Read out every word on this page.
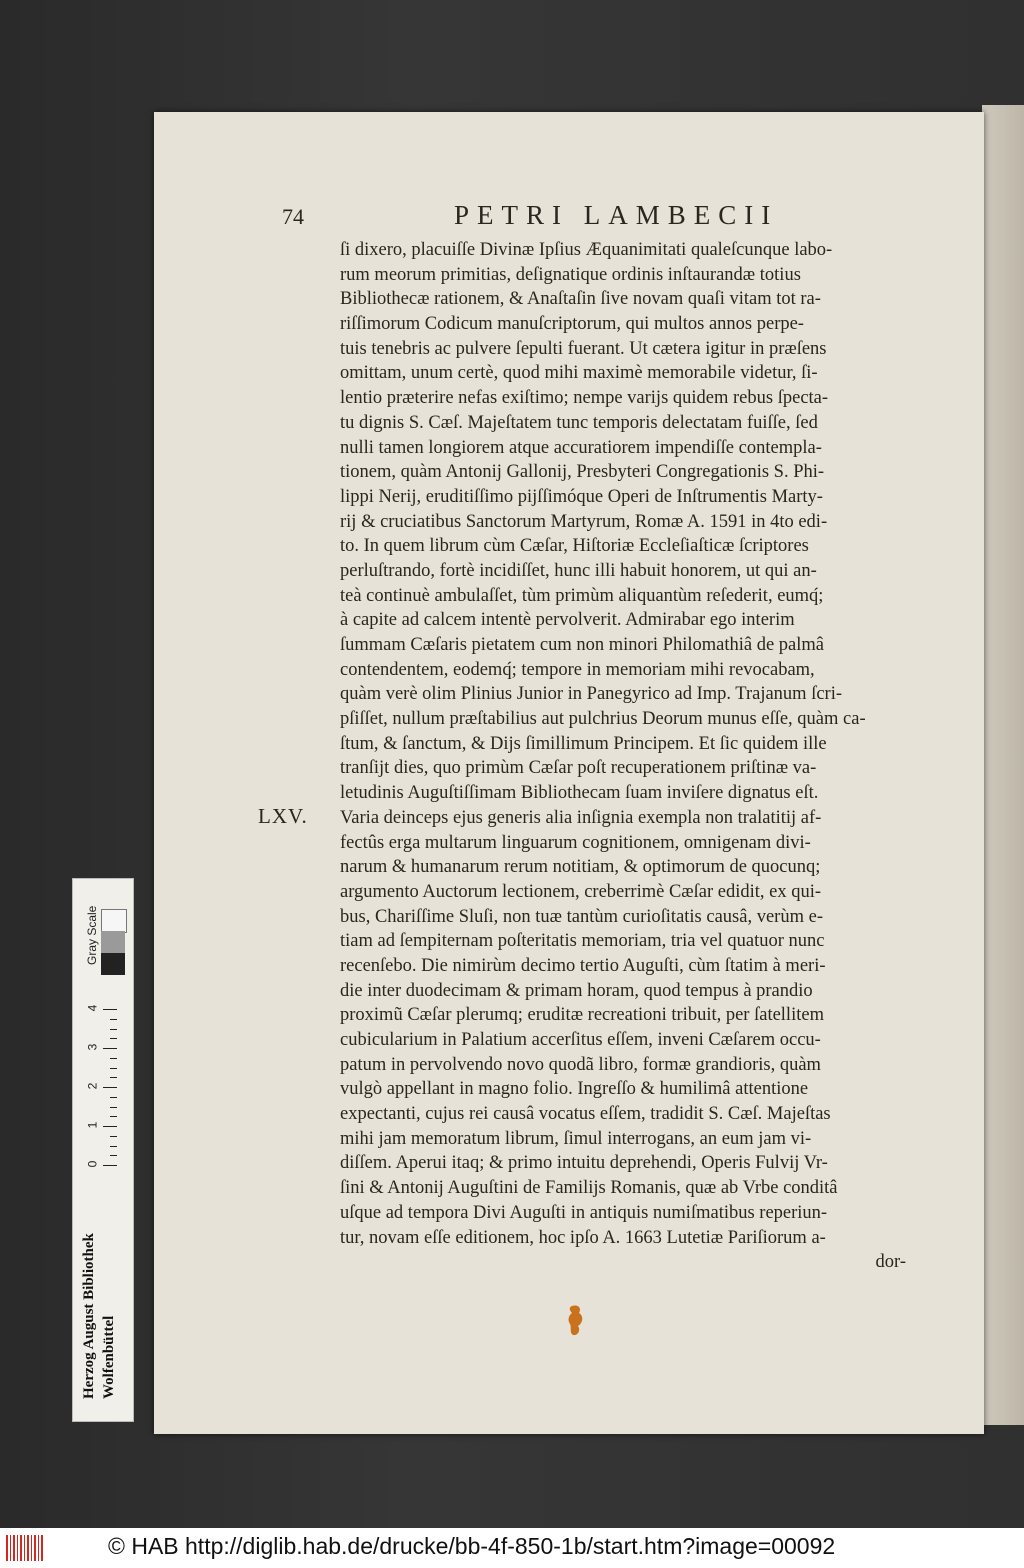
74	PETRI LAMBECII
LXV.
ſi dixero, placuiſſe Divinæ Ipſius Æquanimitati qualeſcunque labo-
rum meorum primitias, deſignatique ordinis inſtaurandæ totius
Bibliothecæ rationem, & Anaſtaſin ſive novam quaſi vitam tot ra-
riſſimorum Codicum manuſcriptorum, qui multos annos perpe-
tuis tenebris ac pulvere ſepulti fuerant. Ut cætera igitur in præſens
omittam, unum certè, quod mihi maximè memorabile videtur, ſi-
lentio præterire nefas exiſtimo; nempe varijs quidem rebus ſpecta-
tu dignis S. Cæſ. Majeſtatem tunc temporis delectatam fuiſſe, ſed
nulli tamen longiorem atque accuratiorem impendiſſe contempla-
tionem, quàm Antonij Gallonij, Presbyteri Congregationis S. Phi-
lippi Nerij, eruditiſſimo pijſſimóque Operi de Inſtrumentis Marty-
rij & cruciatibus Sanctorum Martyrum, Romæ A. 1591 in 4to edi-
to. In quem librum cùm Cæſar, Hiſtoriæ Eccleſiaſticæ ſcriptores
perluſtrando, fortè incidiſſet, hunc illi habuit honorem, ut qui an-
teà continuè ambulaſſet, tùm primùm aliquantùm reſederit, eumq́;
à capite ad calcem intentè pervolverit. Admirabar ego interim
ſummam Cæſaris pietatem cum non minori Philomathiâ de palmâ
contendentem, eodemq́; tempore in memoriam mihi revocabam,
quàm verè olim Plinius Junior in Panegyrico ad Imp. Trajanum ſcri-
pſiſſet, nullum præſtabilius aut pulchrius Deorum munus eſſe, quàm ca-
ſtum, & ſanctum, & Dijs ſimillimum Principem. Et ſic quidem ille
tranſijt dies, quo primùm Cæſar poſt recuperationem priſtinæ va-
letudinis Auguſtiſſimam Bibliothecam ſuam inviſere dignatus eſt.
Varia deinceps ejus generis alia inſignia exempla non tralatitij af-
fectûs erga multarum linguarum cognitionem, omnigenam divi-
narum & humanarum rerum notitiam, & optimorum de quocunq;
argumento Auctorum lectionem, creberrimè Cæſar edidit, ex qui-
bus, Chariſſime Sluſi, non tuæ tantùm curioſitatis causâ, verùm e-
tiam ad ſempiternam poſteritatis memoriam, tria vel quatuor nunc
recenſebo. Die nimirùm decimo tertio Auguſti, cùm ſtatim à meri-
die inter duodecimam & primam horam, quod tempus à prandio
proximũ Cæſar plerumq; eruditæ recreationi tribuit, per ſatellitem
cubicularium in Palatium accerſitus eſſem, inveni Cæſarem occu-
patum in pervolvendo novo quodã libro, formæ grandioris, quàm
vulgò appellant in magno folio. Ingreſſo & humilimâ attentione
expectanti, cujus rei causâ vocatus eſſem, tradidit S. Cæſ. Majeſtas
mihi jam memoratum librum, ſimul interrogans, an eum jam vi-
diſſem. Aperui itaq; & primo intuitu deprehendi, Operis Fulvij Vr-
ſini & Antonij Auguſtini de Familijs Romanis, quæ ab Vrbe conditâ
uſque ad tempora Divi Auguſti in antiquis numiſmatibus reperiun-
tur, novam eſſe editionem, hoc ipſo A. 1663 Lutetiæ Pariſiorum a-
dor-
Gray Scale
0
1
2
3
4
Herzog August Bibliothek Wolfenbüttel
© HAB http://diglib.hab.de/drucke/bb-4f-850-1b/start.htm?image=00092
